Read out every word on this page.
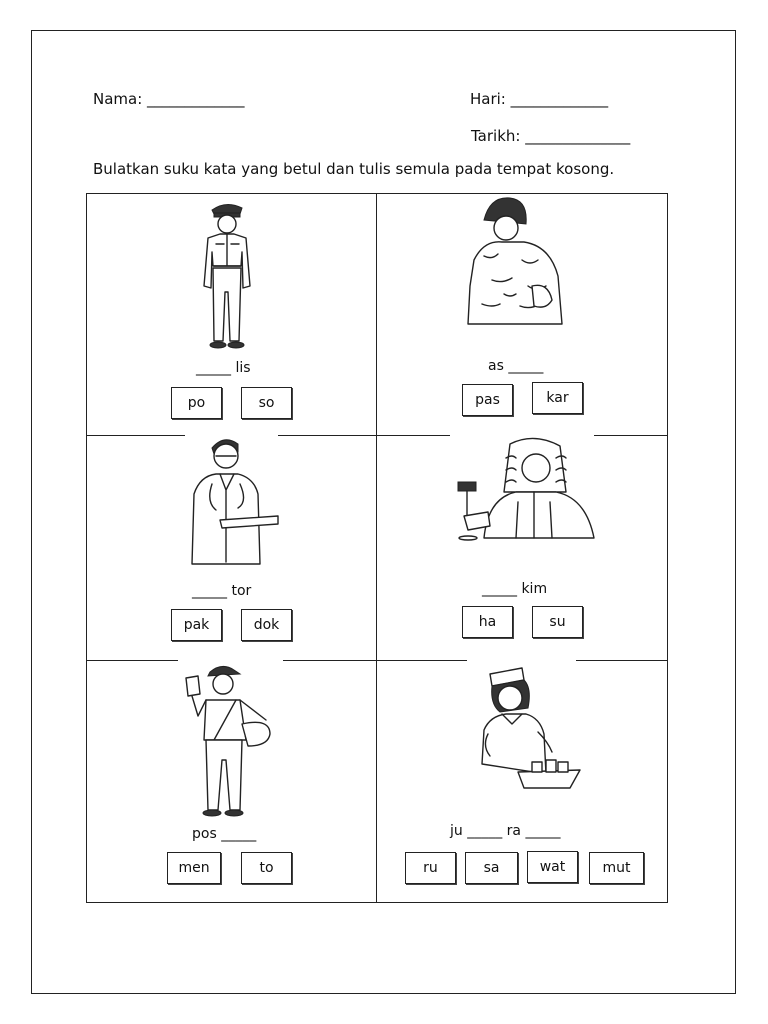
Nama: _____________	Hari: _____________
Tarikh: ______________
Bulatkan suku kata yang betul dan tulis semula pada tempat kosong.
_____ lis
po	so
as _____
pas	kar
_____ tor
pak	dok
_____ kim
ha	su
pos _____
men	to
ju _____ ra _____
ru	sa	wat	mut
